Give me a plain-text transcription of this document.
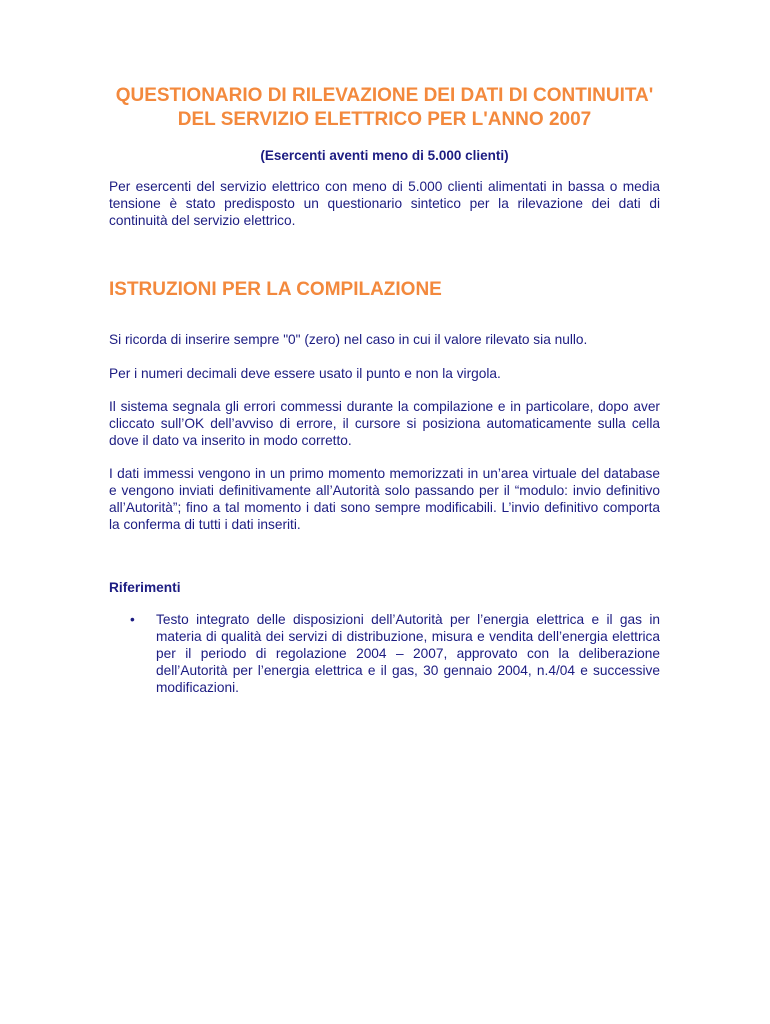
QUESTIONARIO DI RILEVAZIONE DEI DATI DI CONTINUITA' DEL SERVIZIO ELETTRICO PER L'ANNO 2007

(Esercenti aventi meno di 5.000 clienti)

Per esercenti del servizio elettrico con meno di 5.000 clienti alimentati in bassa o media tensione è stato predisposto un questionario sintetico per la rilevazione dei dati di continuità del servizio elettrico.

ISTRUZIONI PER LA COMPILAZIONE

Si ricorda di inserire sempre "0" (zero) nel caso in cui il valore rilevato sia nullo.

Per i numeri decimali deve essere usato il punto e non la virgola.

Il sistema segnala gli errori commessi durante la compilazione e in particolare, dopo aver cliccato sull’OK dell’avviso di errore, il cursore si posiziona automaticamente sulla cella dove il dato va inserito in modo corretto.

I dati immessi vengono in un primo momento memorizzati in un’area virtuale del database e vengono inviati definitivamente all’Autorità solo passando per il “modulo: invio definitivo all’Autorità”; fino a tal momento i dati sono sempre modificabili. L’invio definitivo comporta la conferma di tutti i dati inseriti.

Riferimenti
•	Testo integrato delle disposizioni dell’Autorità per l’energia elettrica e il gas in materia di qualità dei servizi di distribuzione, misura e vendita dell’energia elettrica per il periodo di regolazione 2004 – 2007, approvato con la deliberazione dell’Autorità per l’energia elettrica e il gas, 30 gennaio 2004, n.4/04 e successive modificazioni.
